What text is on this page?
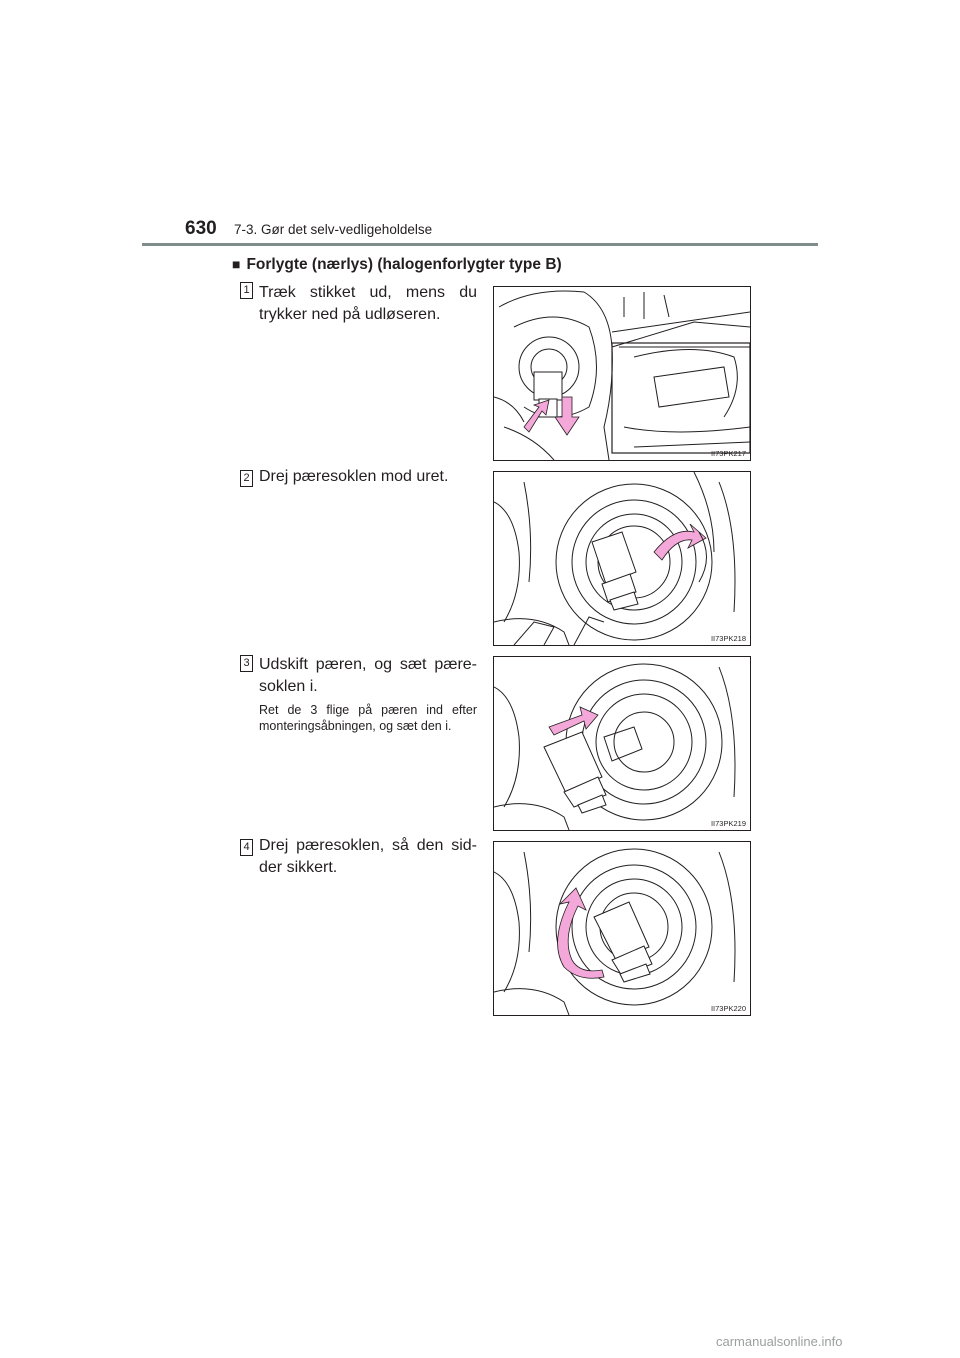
630 7-3. Gør det selv-vedligeholdelse
■ Forlygte (nærlys) (halogenforlygter type B)
1 Træk stikket ud, mens du trykker ned på udløseren.
II73PK217
2 Drej pæresoklen mod uret.
II73PK218
3 Udskift pæren, og sæt pære-soklen i.
Ret de 3 flige på pæren ind efter monteringsåbningen, og sæt den i.
II73PK219
4 Drej pæresoklen, så den sid-der sikkert.
II73PK220
carmanualsonline.info
